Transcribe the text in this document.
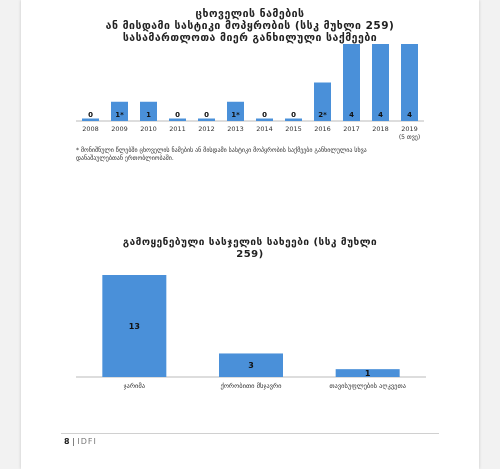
ცხოველის ნამების
ან მისდამი სასტიკი მოპყრობის (სსკ მუხლი 259)
სასამართლოთა მიერ განხილული საქმეები
0
2008
1*
2009
1
2010
0
2011
0
2012
1*
2013
0
2014
0
2015
2*
2016
4
2017
4
2018
4
2019
(5 თვე)
* მონიშნული წლებში ცხოველის ნამების ან მისდამი სასტიკი მოპყრობის საქმეები განხილულია სხვა დანაშაულებთან ერთობლიობაში.
გამოყენებული სასჯელის სახეები (სსკ მუხლი
259)
13
ჯარიმა
3
ქორობითი მსჯავრი
1
თავისუფლების აღკვეთა
8 | IDFI
